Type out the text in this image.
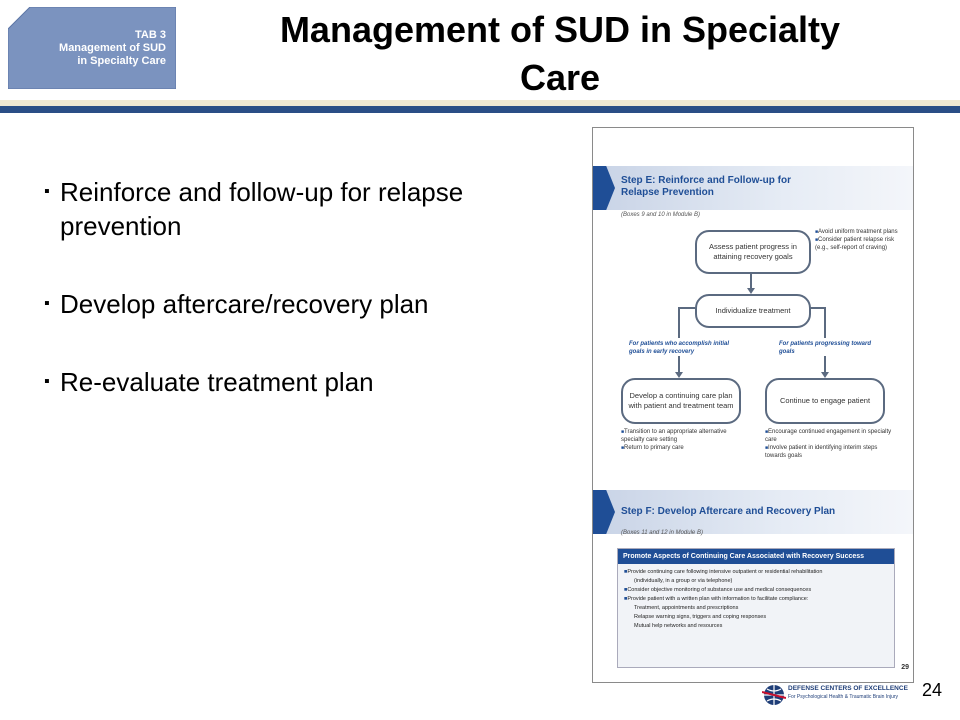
TAB 3
Management of SUD
in Specialty Care
Management of SUD in Specialty
Care
▪ Reinforce and follow-up for relapse prevention
▪ Develop aftercare/recovery plan
▪ Re-evaluate treatment plan
Step E: Reinforce and Follow-up for
Relapse Prevention
(Boxes 9 and 10 in Module B)
Assess patient progress in attaining recovery goals
■ Avoid uniform treatment plans
■ Consider patient relapse risk (e.g., self-report of craving)
Individualize treatment
For patients who accomplish initial goals in early recovery
For patients progressing toward goals
Develop a continuing care plan with patient and treatment team
Continue to engage patient
■ Transition to an appropriate alternative specialty care setting
■ Return to primary care
■ Encourage continued engagement in specialty care
■ Involve patient in identifying interim steps towards goals
Step F: Develop Aftercare and Recovery Plan
(Boxes 11 and 12 in Module B)
Promote Aspects of Continuing Care Associated with Recovery Success
■ Provide continuing care following intensive outpatient or residential rehabilitation
(individually, in a group or via telephone)
■ Consider objective monitoring of substance use and medical consequences
■ Provide patient with a written plan with information to facilitate compliance:
Treatment, appointments and prescriptions
Relapse warning signs, triggers and coping responses
Mutual help networks and resources
29
DEFENSE CENTERS OF EXCELLENCE
For Psychological Health & Traumatic Brain Injury 24
